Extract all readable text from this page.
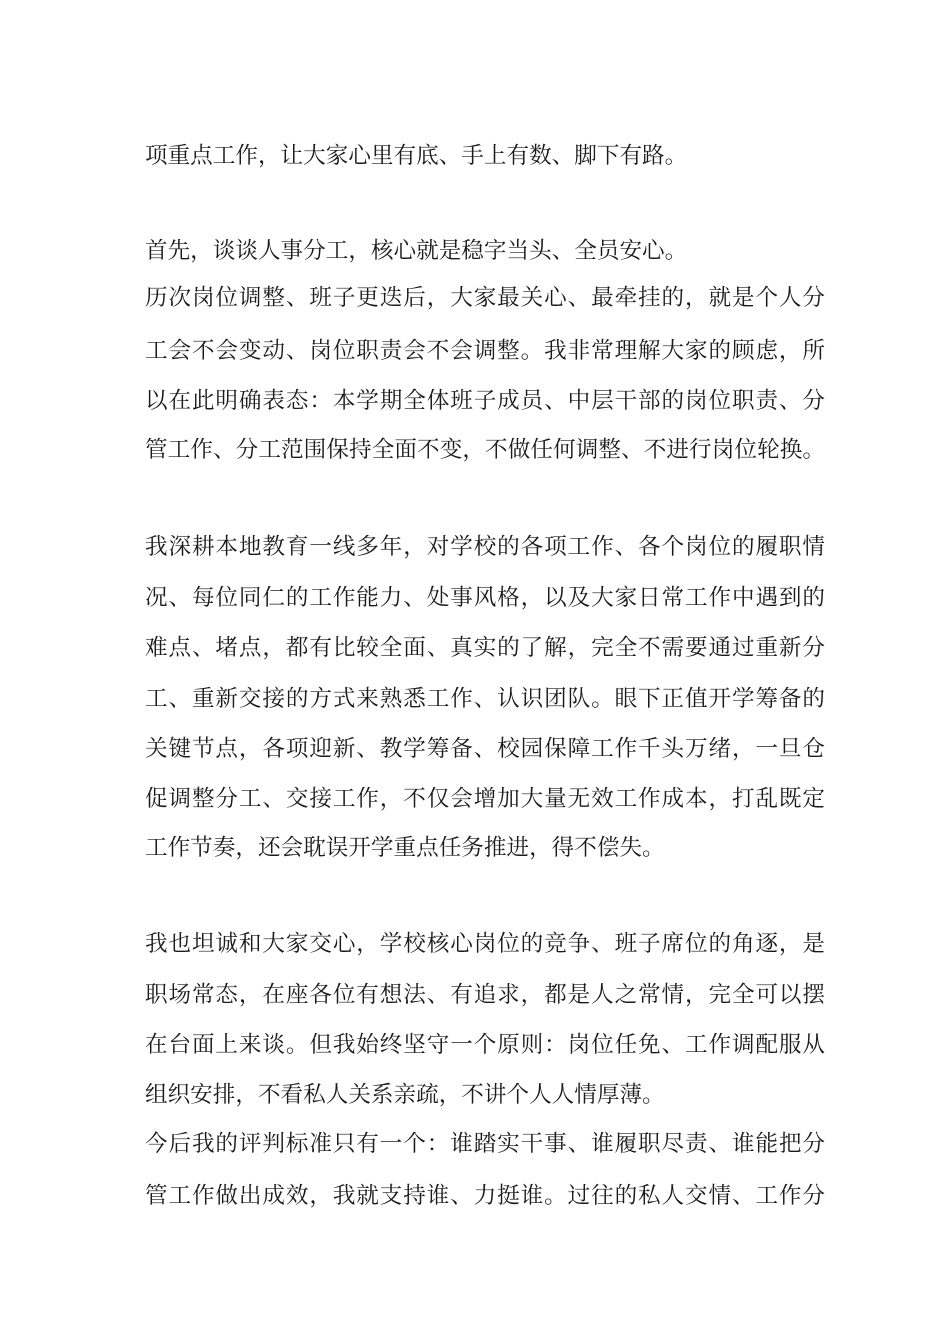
项重点工作，让大家心里有底、手上有数、脚下有路。
首先，谈谈人事分工，核心就是稳字当头、全员安心。
历次岗位调整、班子更迭后，大家最关心、最牵挂的，就是个人分
工会不会变动、岗位职责会不会调整。我非常理解大家的顾虑，所
以在此明确表态：本学期全体班子成员、中层干部的岗位职责、分
管工作、分工范围保持全面不变，不做任何调整、不进行岗位轮换。
我深耕本地教育一线多年，对学校的各项工作、各个岗位的履职情
况、每位同仁的工作能力、处事风格，以及大家日常工作中遇到的
难点、堵点，都有比较全面、真实的了解，完全不需要通过重新分
工、重新交接的方式来熟悉工作、认识团队。眼下正值开学筹备的
关键节点，各项迎新、教学筹备、校园保障工作千头万绪，一旦仓
促调整分工、交接工作，不仅会增加大量无效工作成本，打乱既定
工作节奏，还会耽误开学重点任务推进，得不偿失。
我也坦诚和大家交心，学校核心岗位的竞争、班子席位的角逐，是
职场常态，在座各位有想法、有追求，都是人之常情，完全可以摆
在台面上来谈。但我始终坚守一个原则：岗位任免、工作调配服从
组织安排，不看私人关系亲疏，不讲个人人情厚薄。
今后我的评判标准只有一个：谁踏实干事、谁履职尽责、谁能把分
管工作做出成效，我就支持谁、力挺谁。过往的私人交情、工作分
